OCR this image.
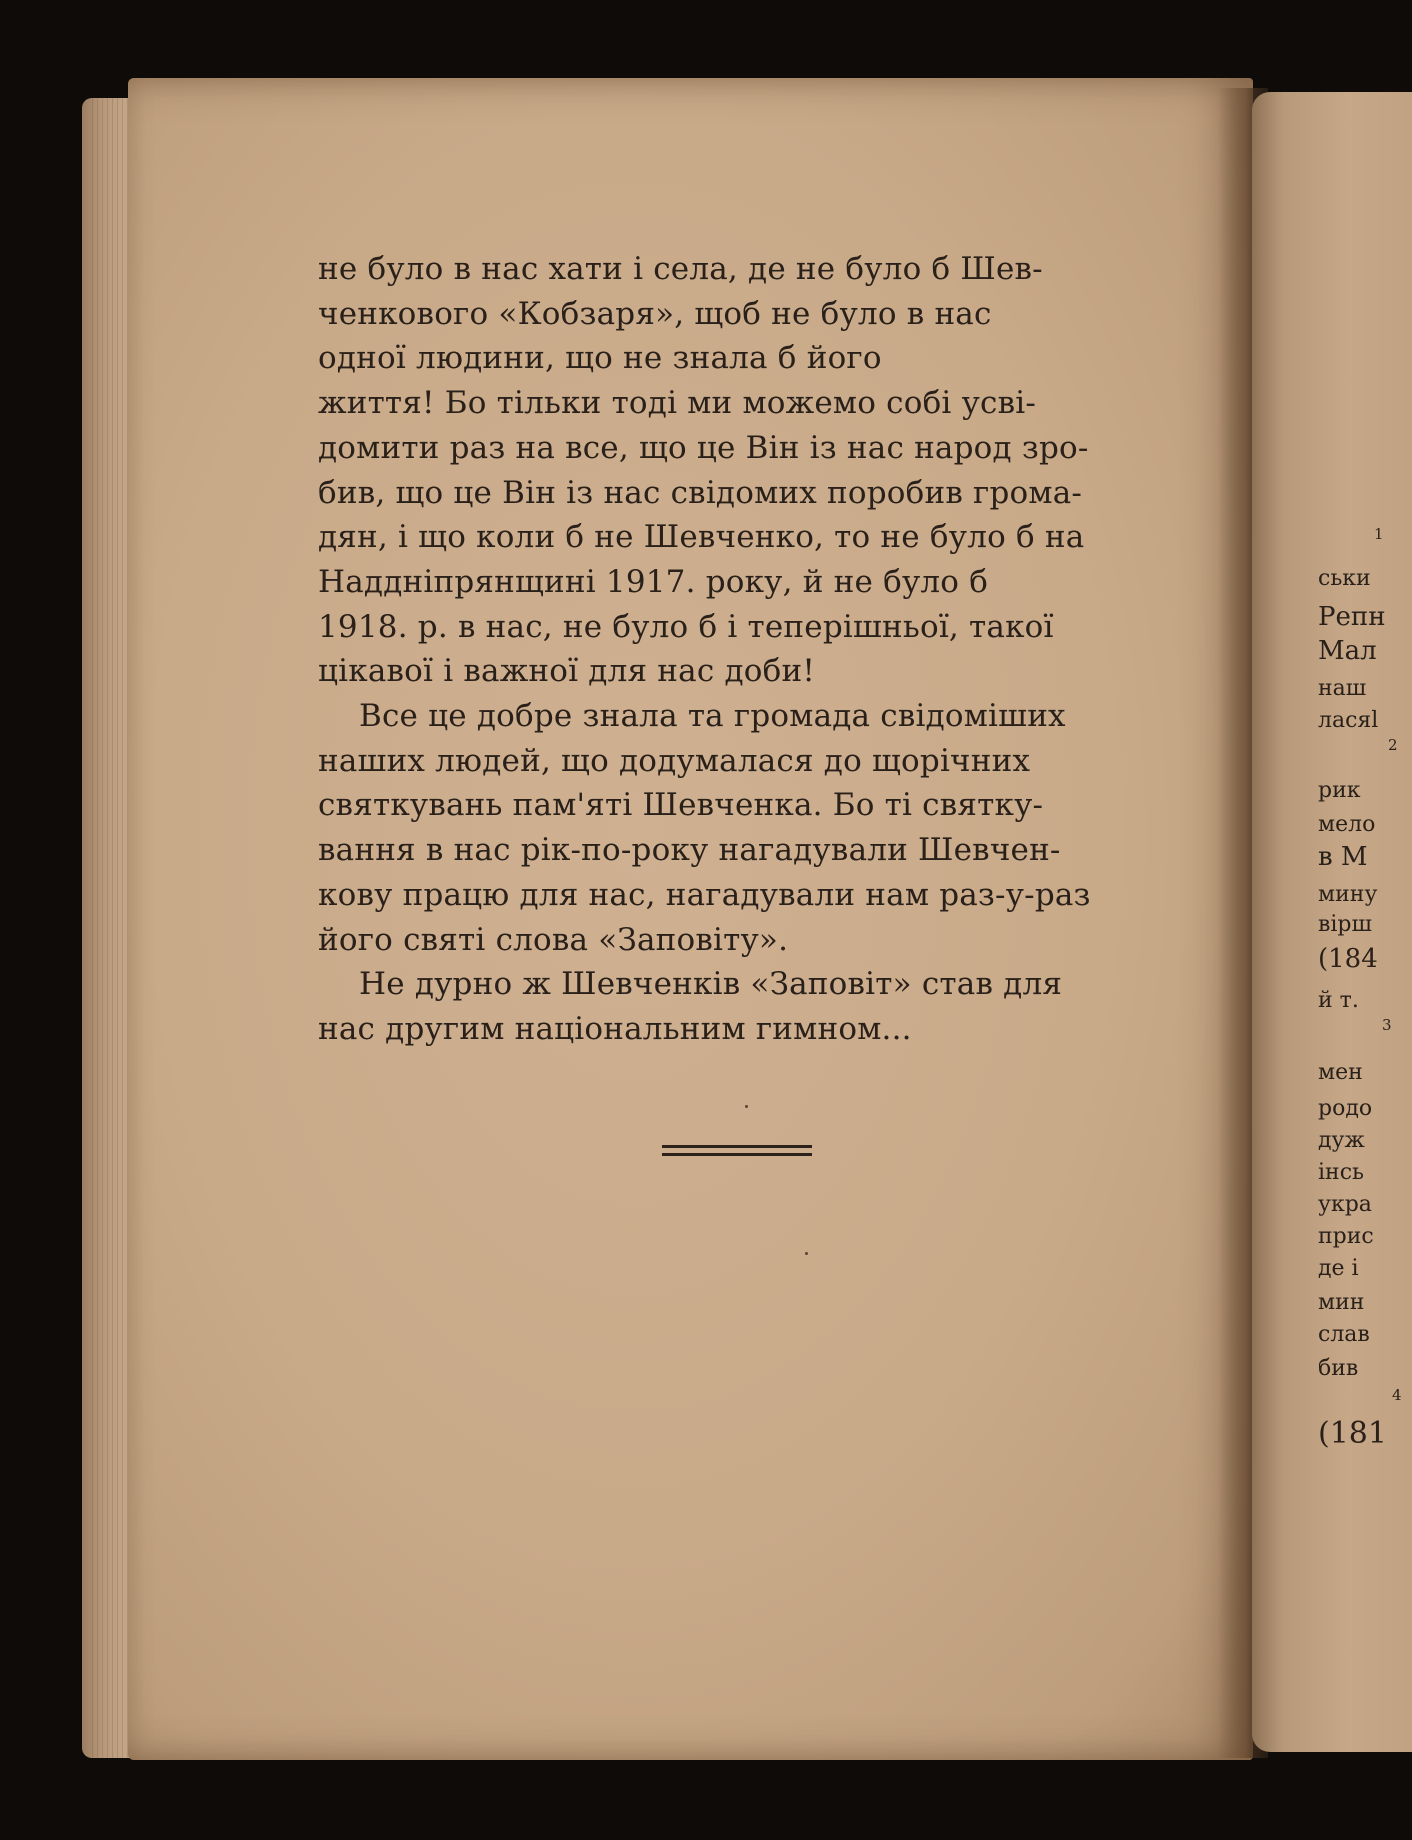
не було в нас хати і села, де не було б Шев-
ченкового «Кобзаря», щоб не було в нас
одної людини, що не знала б його
життя! Бо тільки тоді ми можемо собі усві-
домити раз на все, що це Він із нас народ зро-
бив, що це Він із нас свідомих поробив грома-
дян, і що коли б не Шевченко, то не було б на
Наддніпрянщині 1917. року, й не було б
1918. р. в нас, не було б і теперішньої, такої
цікавої і важної для нас доби!

Все це добре знала та громада свідоміших
наших людей, що додумалася до щорічних
святкувань пам'яті Шевченка. Бо ті святку-
вання в нас рік-по-року нагадували Шевчен-
кову працю для нас, нагадували нам раз-у-раз
його святі слова «Заповіту».

Не дурно ж Шевченків «Заповіт» став для
нас другим національним гимном...

1
ськи
Репн
Мал
наш
ласяl
2
рик
мело
в М
мину
вірш
(184
й т.
3
мен
родо
дуж
інсь
укра
прис
де і
мин
слав
бив
4
(181
